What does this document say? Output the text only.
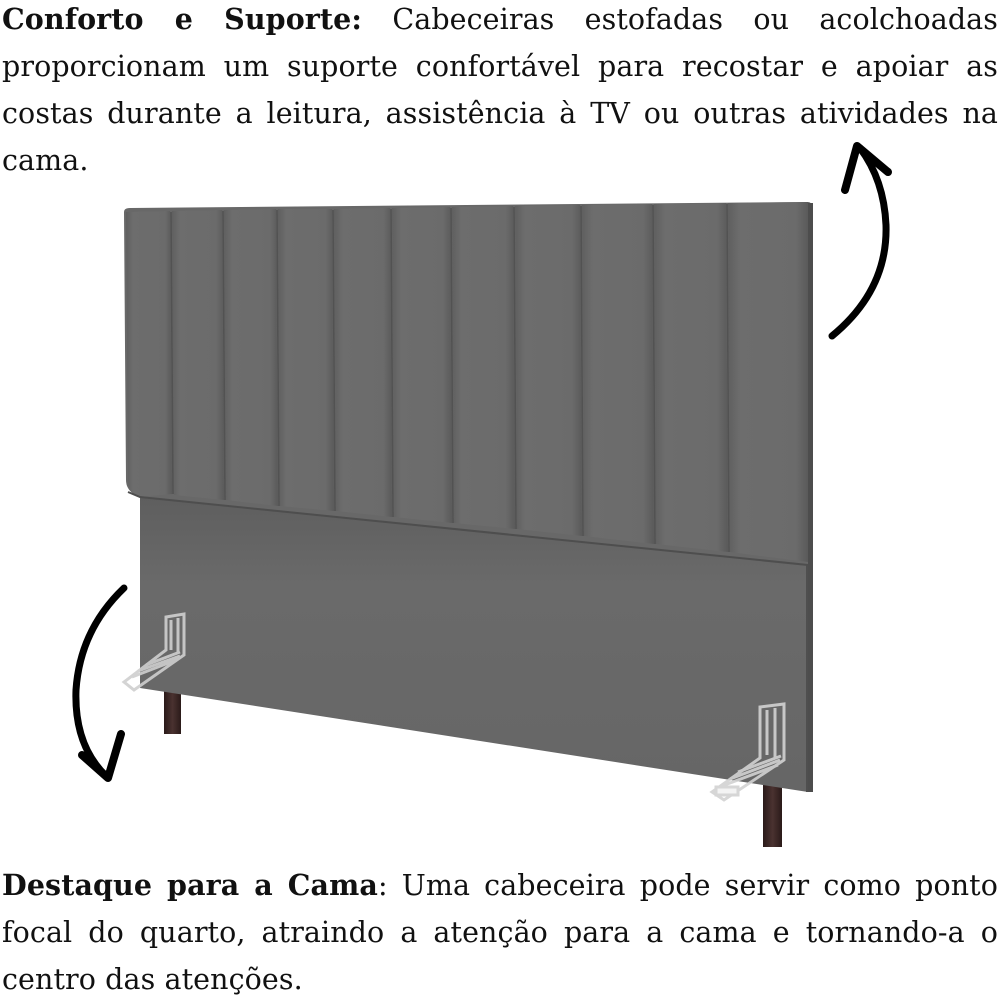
Conforto e Suporte: Cabeceiras estofadas ou acolchoadas proporcionam um suporte confortável para recostar e apoiar as costas durante a leitura, assistência à TV ou outras atividades na cama.

Destaque para a Cama: Uma cabeceira pode servir como ponto focal do quarto, atraindo a atenção para a cama e tornando-a o centro das atenções.
